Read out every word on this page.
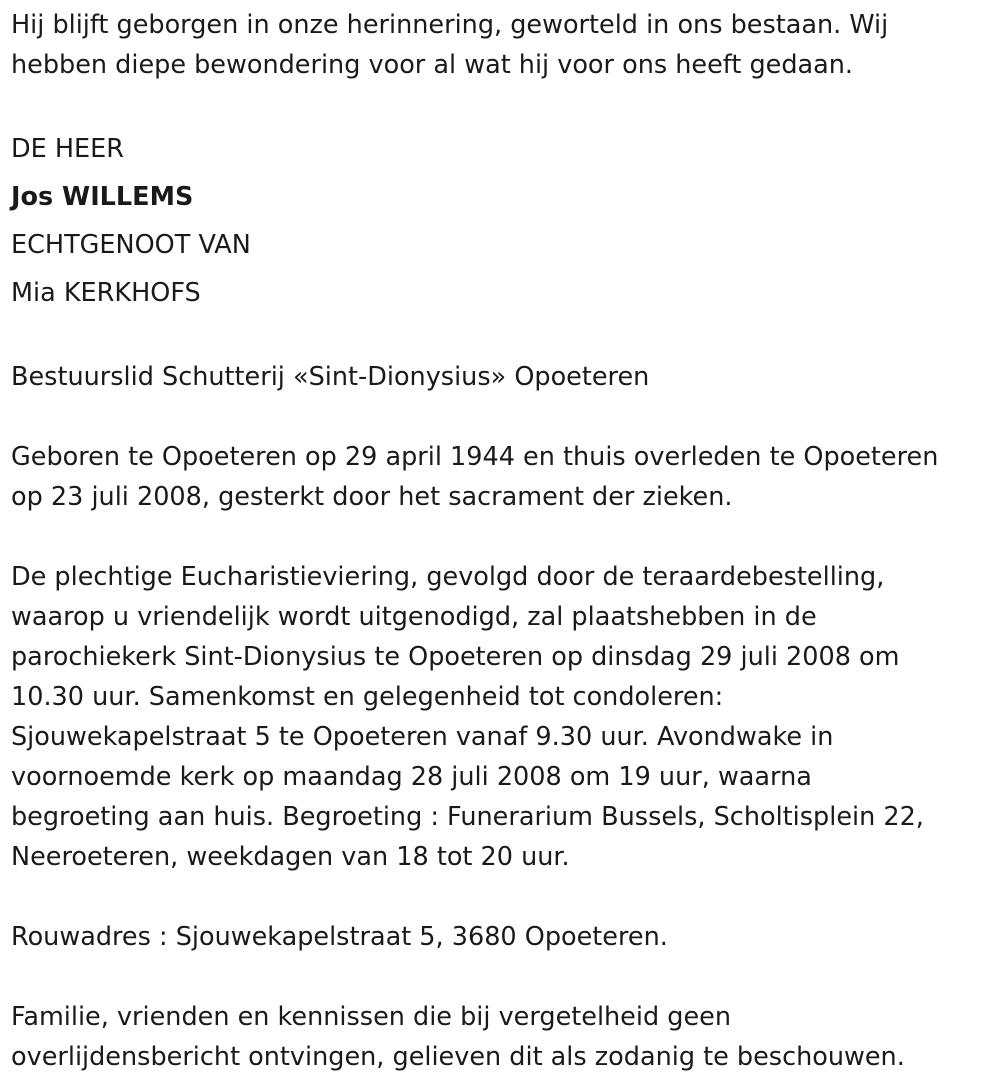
Hij blijft geborgen in onze herinnering, geworteld in ons bestaan. Wij
hebben diepe bewondering voor al wat hij voor ons heeft gedaan.

DE HEER
Jos WILLEMS
ECHTGENOOT VAN
Mia KERKHOFS

Bestuurslid Schutterij «Sint-Dionysius» Opoeteren

Geboren te Opoeteren op 29 april 1944 en thuis overleden te Opoeteren
op 23 juli 2008, gesterkt door het sacrament der zieken.

De plechtige Eucharistieviering, gevolgd door de teraardebestelling,
waarop u vriendelijk wordt uitgenodigd, zal plaatshebben in de
parochiekerk Sint-Dionysius te Opoeteren op dinsdag 29 juli 2008 om
10.30 uur. Samenkomst en gelegenheid tot condoleren:
Sjouwekapelstraat 5 te Opoeteren vanaf 9.30 uur. Avondwake in
voornoemde kerk op maandag 28 juli 2008 om 19 uur, waarna
begroeting aan huis. Begroeting : Funerarium Bussels, Scholtisplein 22,
Neeroeteren, weekdagen van 18 tot 20 uur.

Rouwadres : Sjouwekapelstraat 5, 3680 Opoeteren.

Familie, vrienden en kennissen die bij vergetelheid geen
overlijdensbericht ontvingen, gelieven dit als zodanig te beschouwen.
